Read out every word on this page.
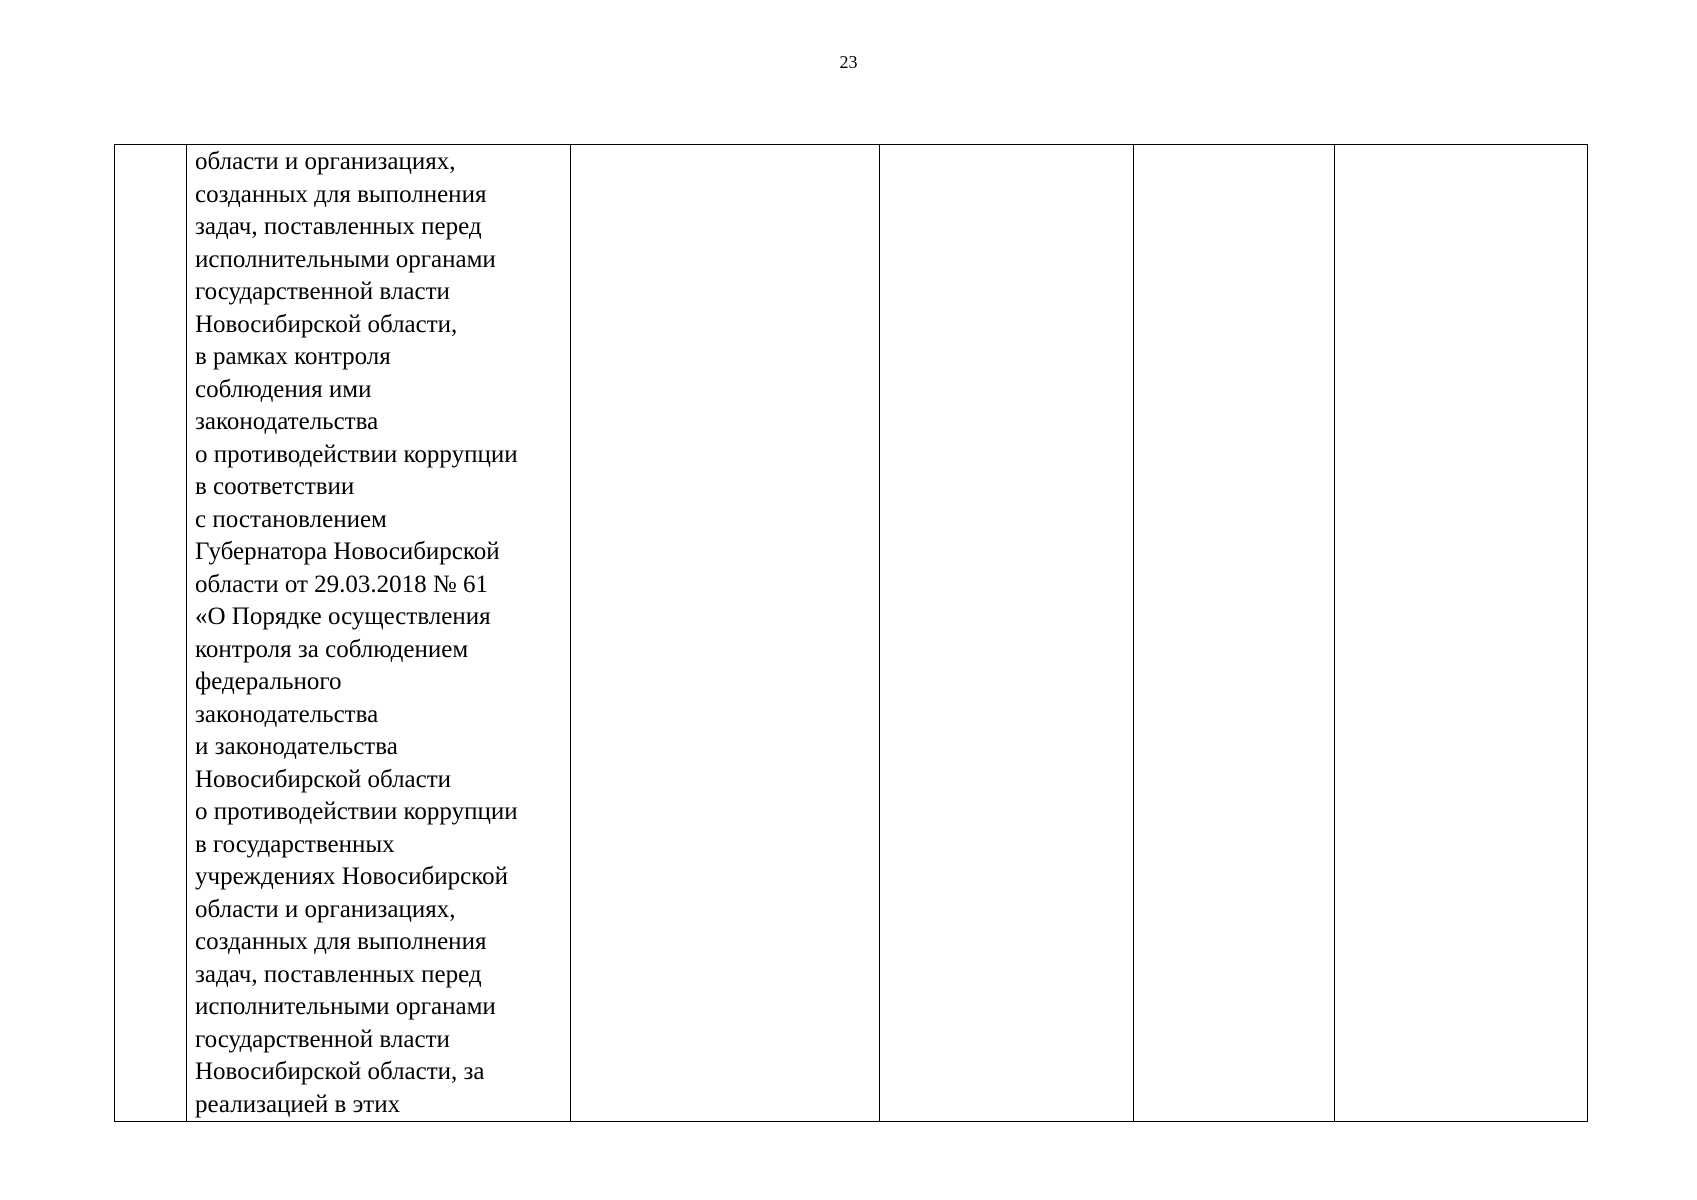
23

области и организациях,
созданных для выполнения
задач, поставленных перед
исполнительными органами
государственной власти
Новосибирской области,
в рамках контроля
соблюдения ими
законодательства
о противодействии коррупции
в соответствии
с постановлением
Губернатора Новосибирской
области от 29.03.2018 № 61
«О Порядке осуществления
контроля за соблюдением
федерального
законодательства
и законодательства
Новосибирской области
о противодействии коррупции
в государственных
учреждениях Новосибирской
области и организациях,
созданных для выполнения
задач, поставленных перед
исполнительными органами
государственной власти
Новосибирской области, за
реализацией в этих
